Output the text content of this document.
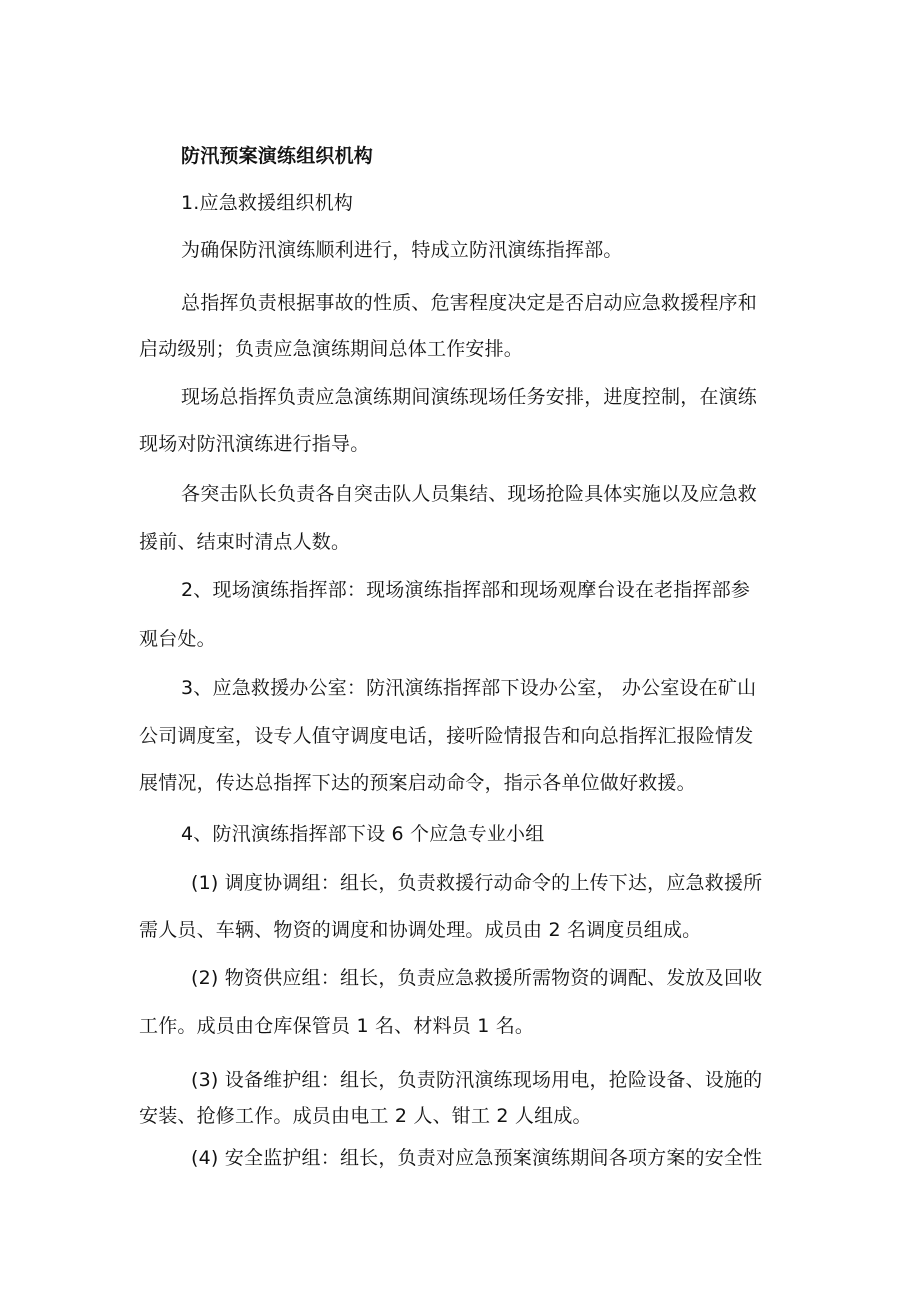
防汛预案演练组织机构
1.应急救援组织机构
为确保防汛演练顺利进行，特成立防汛演练指挥部。
总指挥负责根据事故的性质、危害程度决定是否启动应急救援程序和
启动级别；负责应急演练期间总体工作安排。
现场总指挥负责应急演练期间演练现场任务安排，进度控制，在演练
现场对防汛演练进行指导。
各突击队长负责各自突击队人员集结、现场抢险具体实施以及应急救
援前、结束时清点人数。
2、现场演练指挥部：现场演练指挥部和现场观摩台设在老指挥部参
观台处。
3、应急救援办公室：防汛演练指挥部下设办公室， 办公室设在矿山
公司调度室，设专人值守调度电话，接听险情报告和向总指挥汇报险情发
展情况，传达总指挥下达的预案启动命令，指示各单位做好救援。
4、防汛演练指挥部下设 6 个应急专业小组
(1) 调度协调组：组长，负责救援行动命令的上传下达，应急救援所
需人员、车辆、物资的调度和协调处理。成员由 2 名调度员组成。
(2) 物资供应组：组长，负责应急救援所需物资的调配、发放及回收
工作。成员由仓库保管员 1 名、材料员 1 名。
(3) 设备维护组：组长，负责防汛演练现场用电，抢险设备、设施的
安装、抢修工作。成员由电工 2 人、钳工 2 人组成。
(4) 安全监护组：组长，负责对应急预案演练期间各项方案的安全性
